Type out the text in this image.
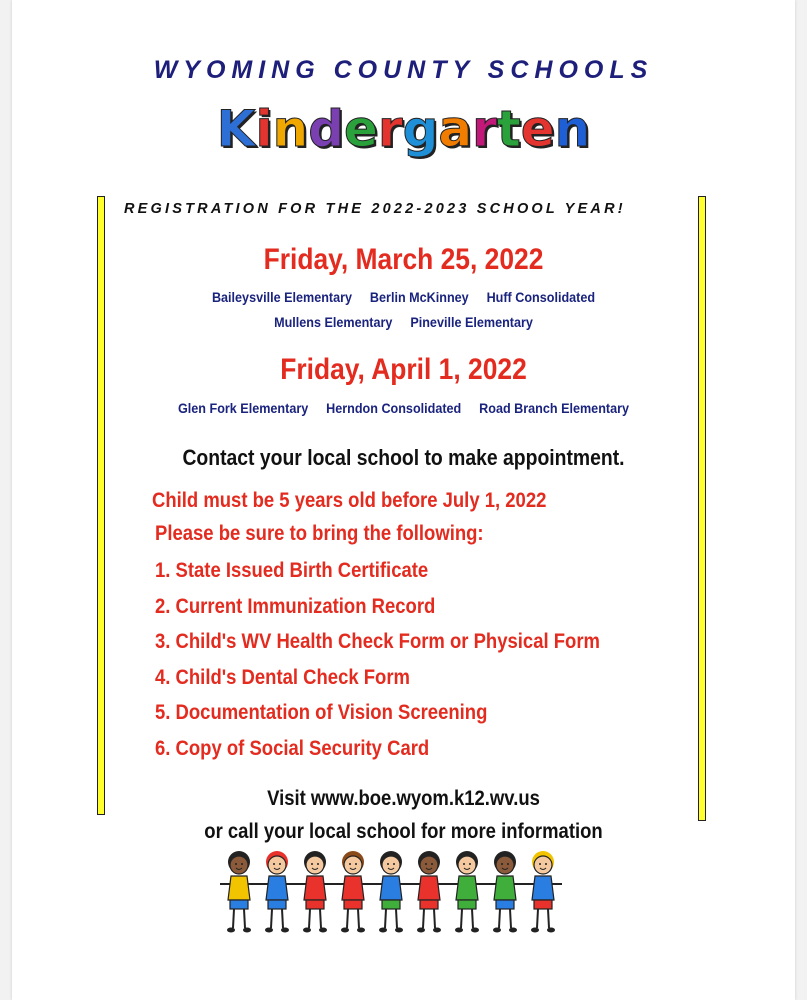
WYOMING COUNTY SCHOOLS
Kindergarten
REGISTRATION FOR THE 2022-2023 SCHOOL YEAR!
Friday, March 25, 2022
Baileysville Elementary Berlin McKinney Huff Consolidated
Mullens Elementary Pineville Elementary
Friday, April 1, 2022
Glen Fork Elementary Herndon Consolidated Road Branch Elementary
Contact your local school to make appointment.
Child must be 5 years old before July 1, 2022
Please be sure to bring the following:
1. State Issued Birth Certificate
2. Current Immunization Record
3. Child's WV Health Check Form or Physical Form
4. Child's Dental Check Form
5. Documentation of Vision Screening
6. Copy of Social Security Card
Visit www.boe.wyom.k12.wv.us
or call your local school for more information
